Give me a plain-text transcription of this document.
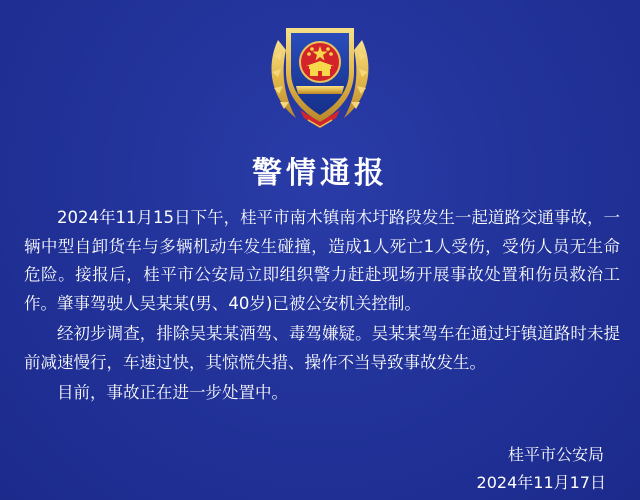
警情通报

2024年11月15日下午，桂平市南木镇南木圩路段发生一起道路交通事故，一辆中型自卸货车与多辆机动车发生碰撞，造成1人死亡1人受伤，受伤人员无生命危险。接报后，桂平市公安局立即组织警力赶赴现场开展事故处置和伤员救治工作。肇事驾驶人吴某某(男、40岁)已被公安机关控制。

经初步调查，排除吴某某酒驾、毒驾嫌疑。吴某某驾车在通过圩镇道路时未提前减速慢行，车速过快，其惊慌失措、操作不当导致事故发生。

目前，事故正在进一步处置中。

桂平市公安局
2024年11月17日
